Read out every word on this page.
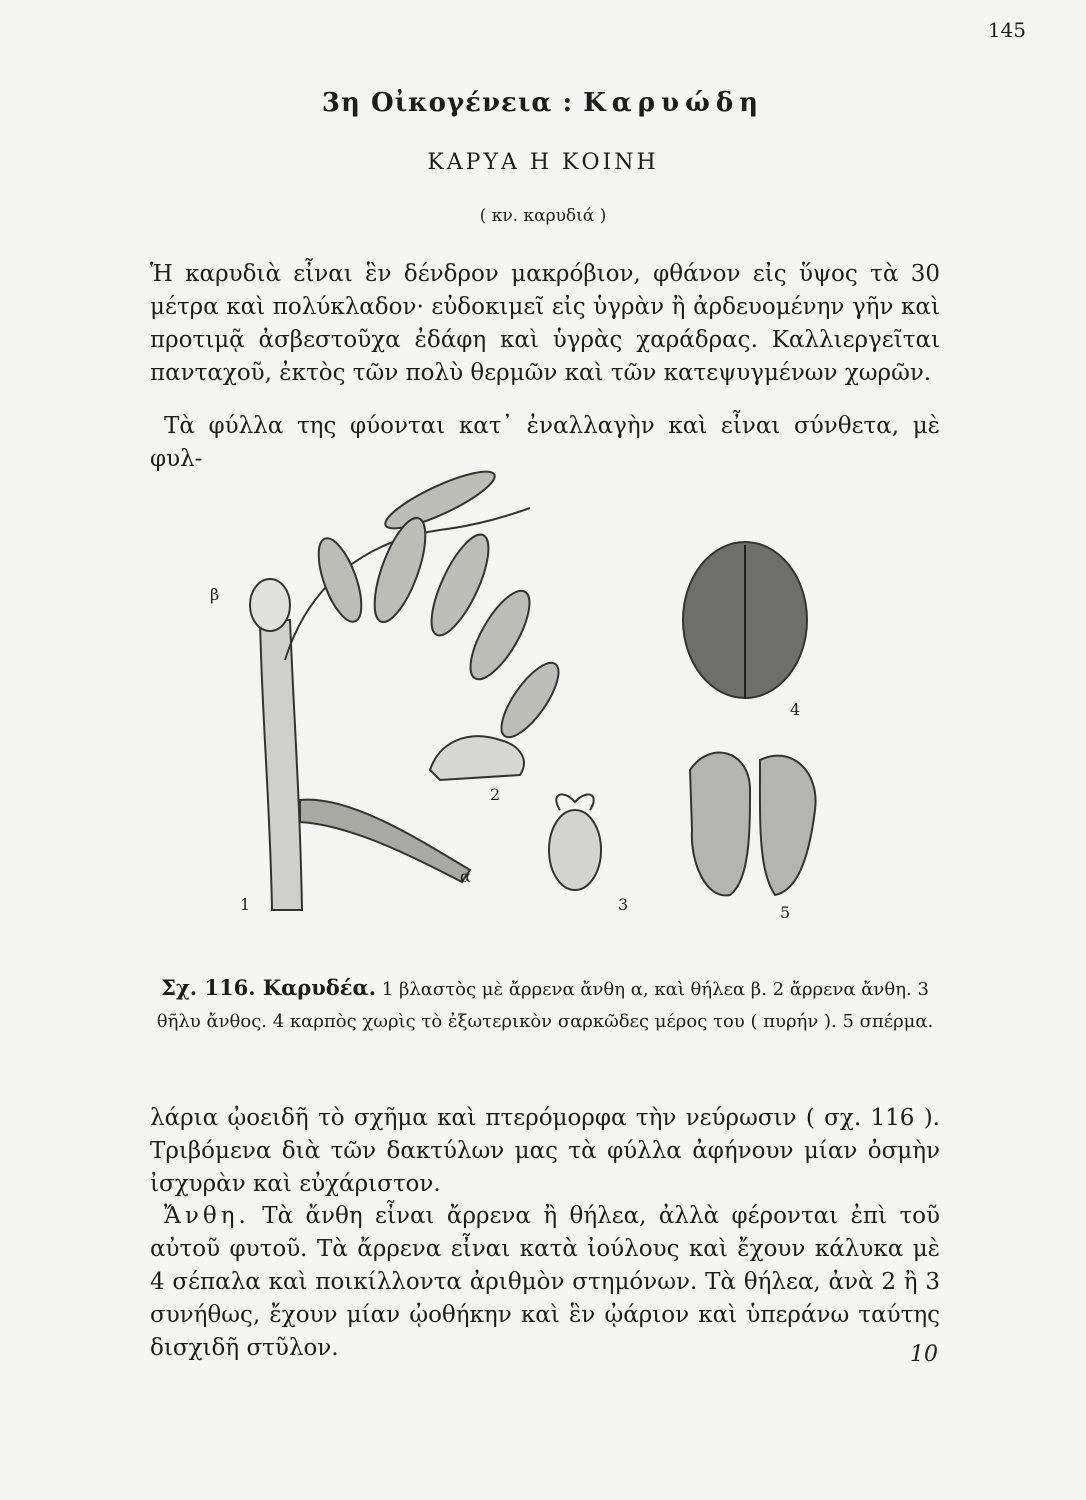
145
3η Οἰκογένεια : Καρυώδη
ΚΑΡΥΑ Η ΚΟΙΝΗ
( κν. καρυδιά )

Ἡ καρυδιὰ εἶναι ἓν δένδρον μακρόβιον, φθάνον εἰς ὕψος τὰ 30 μέτρα καὶ πολύκλαδον· εὐδοκιμεῖ εἰς ὑγρὰν ἢ ἀρδευομένην γῆν καὶ προτιμᾷ ἀσβεστοῦχα ἐδάφη καὶ ὑγρὰς χαράδρας. Καλλιεργεῖται πανταχοῦ, ἐκτὸς τῶν πολὺ θερμῶν καὶ τῶν κατεψυγμένων χωρῶν.

Τὰ φύλλα της φύονται κατ᾽ ἐναλλαγὴν καὶ εἶναι σύνθετα, μὲ φυλ-

β
1
2
α
3
4
5
Σχ. 116. Καρυδέα. 1 βλαστὸς μὲ ἄρρενα ἄνθη α, καὶ θήλεα β. 2 ἄρρενα ἄνθη. 3 θῆλυ ἄνθος. 4 καρπὸς χωρὶς τὸ ἐξωτερικὸν σαρκῶδες μέρος του ( πυρήν ). 5 σπέρμα.

λάρια ᾠοειδῆ τὸ σχῆμα καὶ πτερόμορφα τὴν νεύρωσιν ( σχ. 116 ). Τριβόμενα διὰ τῶν δακτύλων μας τὰ φύλλα ἀφήνουν μίαν ὀσμὴν ἰσχυρὰν καὶ εὐχάριστον.

Ἄνθη. Τὰ ἄνθη εἶναι ἄρρενα ἢ θήλεα, ἀλλὰ φέρονται ἐπὶ τοῦ αὐτοῦ φυτοῦ. Τὰ ἄρρενα εἶναι κατὰ ἰούλους καὶ ἔχουν κάλυκα μὲ 4 σέπαλα καὶ ποικίλλοντα ἀριθμὸν στημόνων. Τὰ θήλεα, ἀνὰ 2 ἢ 3 συνήθως, ἔχουν μίαν ᾠοθήκην καὶ ἓν ᾠάριον καὶ ὑπεράνω ταύτης δισχιδῆ στῦλον.	10
